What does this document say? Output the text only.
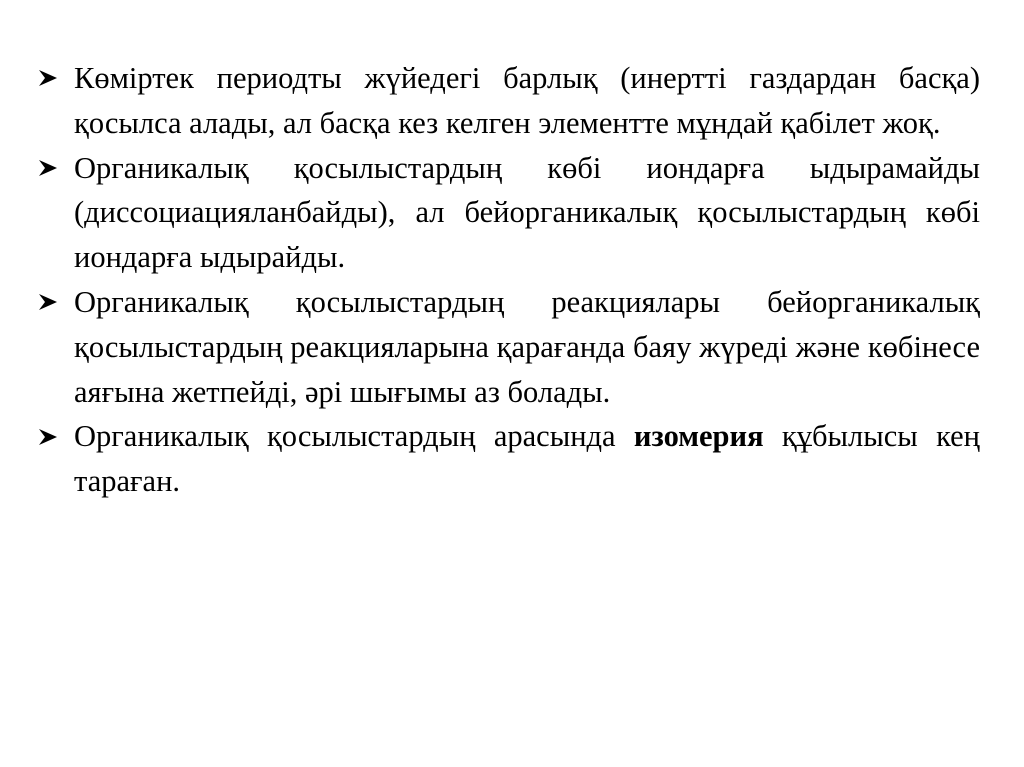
Көміртек периодты жүйедегі барлық (инертті газдардан басқа) қосылса алады, ал басқа кез келген элементте мұндай қабілет жоқ.
Органикалық қосылыстардың көбі иондарға ыдырамайды (диссоциацияланбайды), ал бейорганикалық қосылыстардың көбі иондарға ыдырайды.
Органикалық қосылыстардың реакциялары бейорганикалық қосылыстардың реакцияларына қарағанда баяу жүреді және көбінесе аяғына жетпейді, әрі шығымы аз болады.
Органикалық қосылыстардың арасында изомерия құбылысы кең тараған.
